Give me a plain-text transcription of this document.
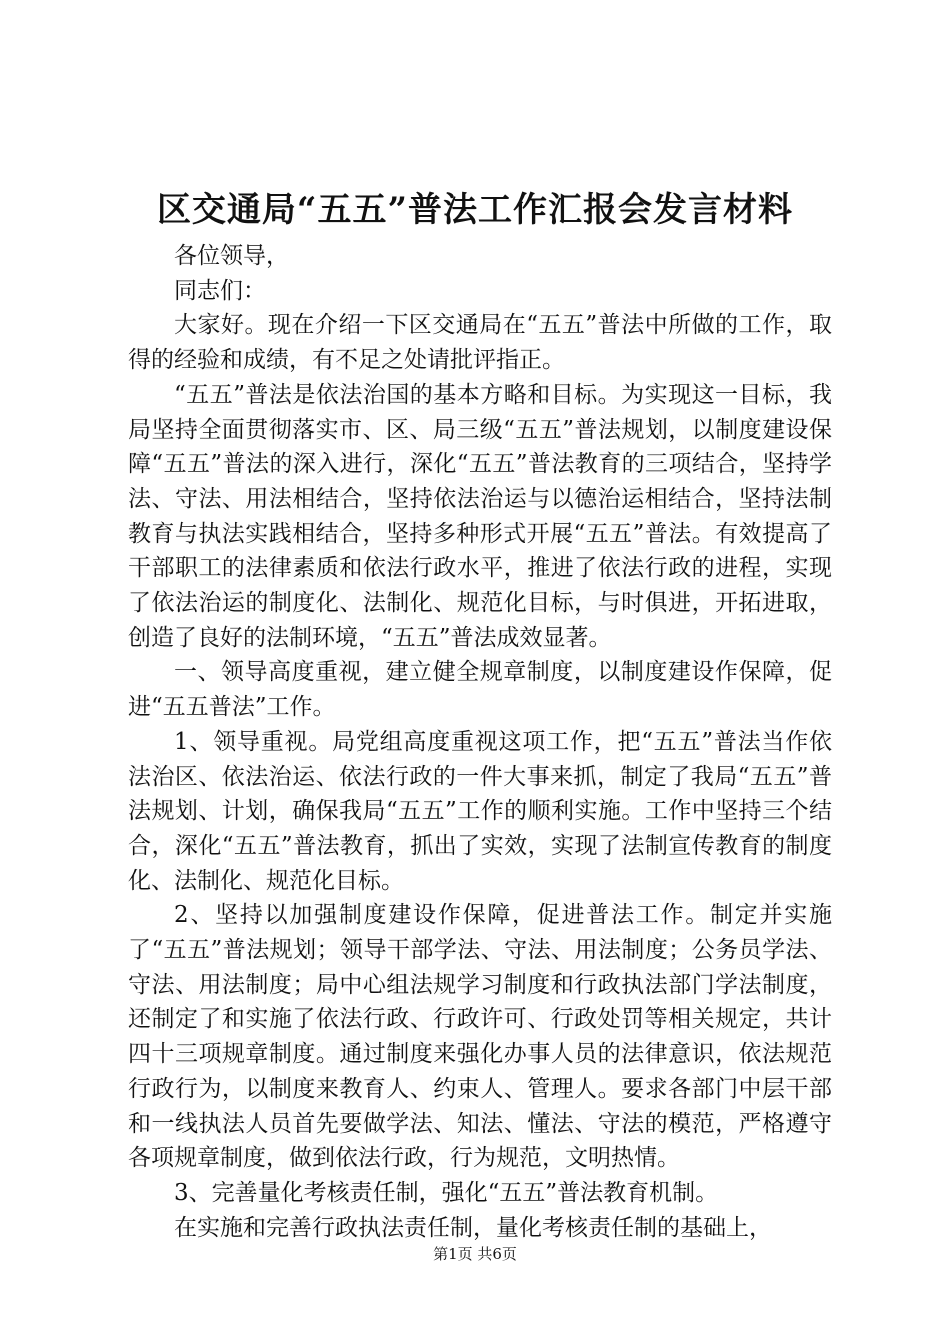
区交通局“五五”普法工作汇报会发言材料

各位领导，

同志们：

大家好。现在介绍一下区交通局在“五五”普法中所做的工作，取得的经验和成绩，有不足之处请批评指正。

“五五”普法是依法治国的基本方略和目标。为实现这一目标，我局坚持全面贯彻落实市、区、局三级“五五”普法规划，以制度建设保障“五五”普法的深入进行，深化“五五”普法教育的三项结合，坚持学法、守法、用法相结合，坚持依法治运与以德治运相结合，坚持法制教育与执法实践相结合，坚持多种形式开展“五五”普法。有效提高了干部职工的法律素质和依法行政水平，推进了依法行政的进程，实现了依法治运的制度化、法制化、规范化目标，与时俱进，开拓进取，创造了良好的法制环境，“五五”普法成效显著。

一、领导高度重视，建立健全规章制度，以制度建设作保障，促进“五五普法”工作。

1、领导重视。局党组高度重视这项工作，把“五五”普法当作依法治区、依法治运、依法行政的一件大事来抓，制定了我局“五五”普法规划、计划，确保我局“五五”工作的顺利实施。工作中坚持三个结合，深化“五五”普法教育，抓出了实效，实现了法制宣传教育的制度化、法制化、规范化目标。

2、坚持以加强制度建设作保障，促进普法工作。制定并实施了“五五”普法规划；领导干部学法、守法、用法制度；公务员学法、守法、用法制度；局中心组法规学习制度和行政执法部门学法制度，还制定了和实施了依法行政、行政许可、行政处罚等相关规定，共计四十三项规章制度。通过制度来强化办事人员的法律意识，依法规范行政行为，以制度来教育人、约束人、管理人。要求各部门中层干部和一线执法人员首先要做学法、知法、懂法、守法的模范，严格遵守各项规章制度，做到依法行政，行为规范，文明热情。

3、完善量化考核责任制，强化“五五”普法教育机制。

在实施和完善行政执法责任制，量化考核责任制的基础上，

第1页 共6页
